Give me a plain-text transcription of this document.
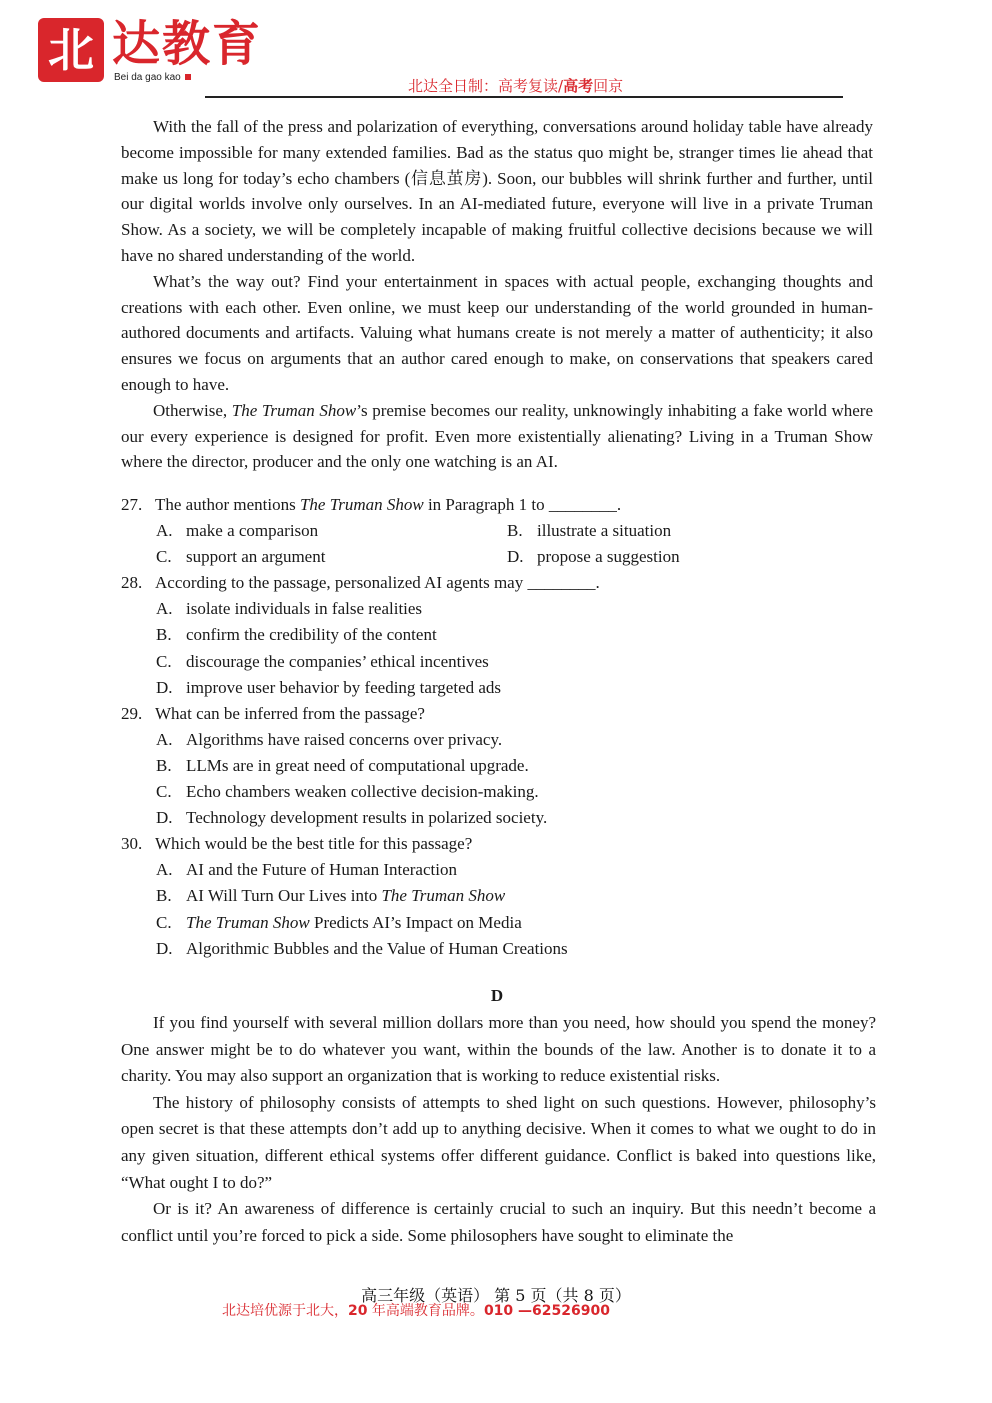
北 达教育
Bei da gao kao	北达全日制：高考复读/高考回京

With the fall of the press and polarization of everything, conversations around holiday table have already become impossible for many extended families. Bad as the status quo might be, stranger times lie ahead that make us long for today’s echo chambers (信息茧房). Soon, our bubbles will shrink further and further, until our digital worlds involve only ourselves. In an AI-mediated future, everyone will live in a private Truman Show. As a society, we will be completely incapable of making fruitful collective decisions because we will have no shared understanding of the world.

What’s the way out? Find your entertainment in spaces with actual people, exchanging thoughts and creations with each other. Even online, we must keep our understanding of the world grounded in human-authored documents and artifacts. Valuing what humans create is not merely a matter of authenticity; it also ensures we focus on arguments that an author cared enough to make, on conservations that speakers cared enough to have.

Otherwise, The Truman Show’s premise becomes our reality, unknowingly inhabiting a fake world where our every experience is designed for profit. Even more existentially alienating? Living in a Truman Show where the director, producer and the only one watching is an AI.

27. The author mentions The Truman Show in Paragraph 1 to ________.
A. make a comparison	B. illustrate a situation
C. support an argument	D. propose a suggestion
28. According to the passage, personalized AI agents may ________.
A. isolate individuals in false realities
B. confirm the credibility of the content
C. discourage the companies’ ethical incentives
D. improve user behavior by feeding targeted ads
29. What can be inferred from the passage?
A. Algorithms have raised concerns over privacy.
B. LLMs are in great need of computational upgrade.
C. Echo chambers weaken collective decision-making.
D. Technology development results in polarized society.
30. Which would be the best title for this passage?
A. AI and the Future of Human Interaction
B. AI Will Turn Our Lives into The Truman Show
C. The Truman Show Predicts AI’s Impact on Media
D. Algorithmic Bubbles and the Value of Human Creations
D

If you find yourself with several million dollars more than you need, how should you spend the money? One answer might be to do whatever you want, within the bounds of the law. Another is to donate it to a charity. You may also support an organization that is working to reduce existential risks.

The history of philosophy consists of attempts to shed light on such questions. However, philosophy’s open secret is that these attempts don’t add up to anything decisive. When it comes to what we ought to do in any given situation, different ethical systems offer different guidance. Conflict is baked into questions like, “What ought I to do?”

Or is it? An awareness of difference is certainly crucial to such an inquiry. But this needn’t become a conflict until you’re forced to pick a side. Some philosophers have sought to eliminate the

高三年级（英语） 第 5 页（共 8 页）
北达培优源于北大，20 年高端教育品牌。010 —62526900
